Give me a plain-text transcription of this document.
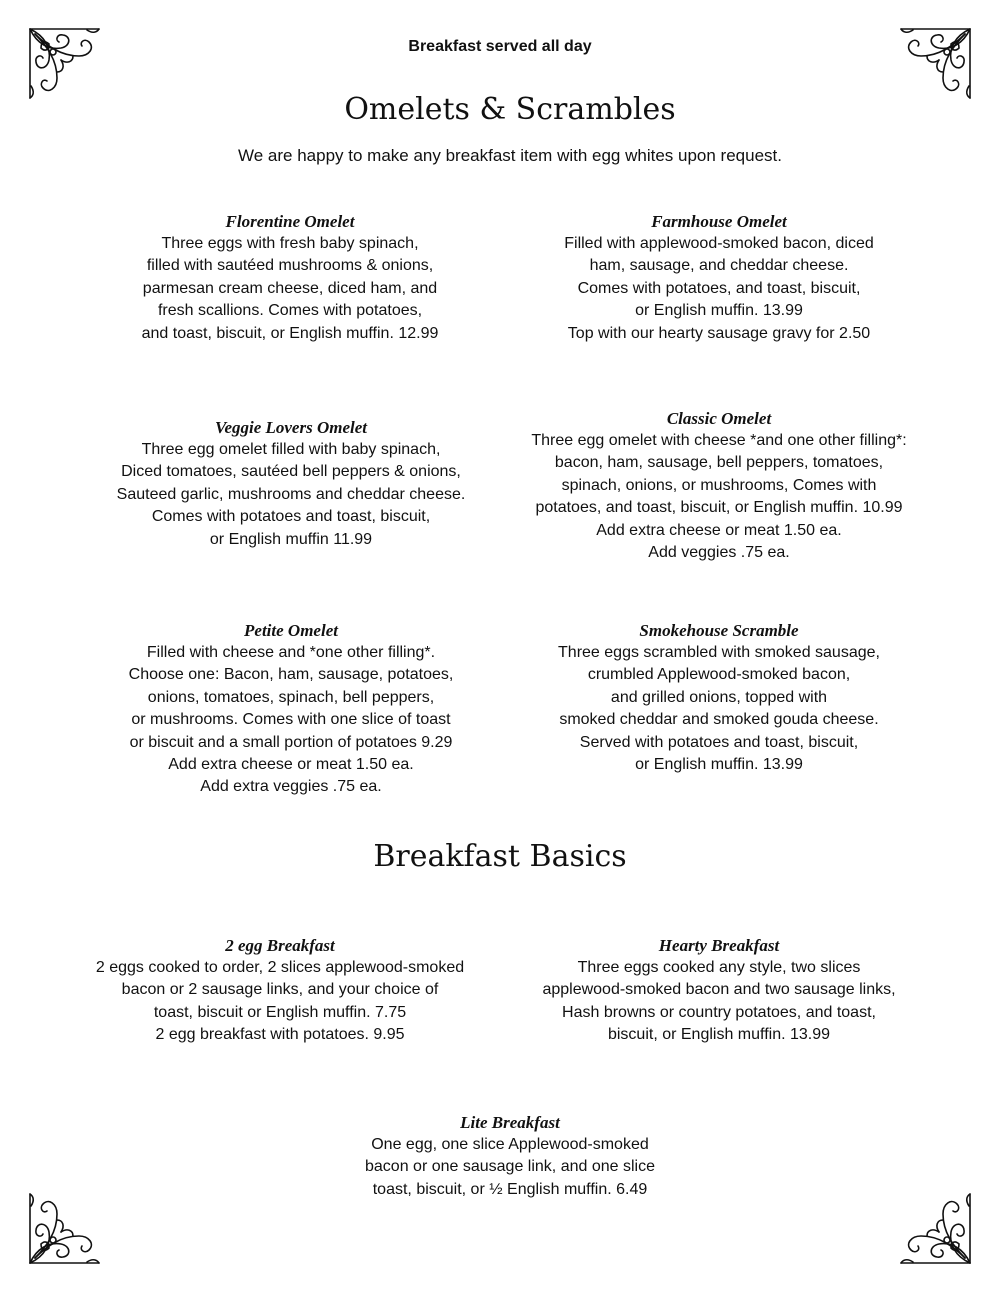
Breakfast served all day
Omelets & Scrambles
We are happy to make any breakfast item with egg whites upon request.
Florentine Omelet
Three eggs with fresh baby spinach,
filled with sautéed mushrooms & onions,
parmesan cream cheese, diced ham, and
fresh scallions. Comes with potatoes,
and toast, biscuit, or English muffin. 12.99
Farmhouse Omelet
Filled with applewood-smoked bacon, diced
ham, sausage, and cheddar cheese.
Comes with potatoes, and toast, biscuit,
or English muffin. 13.99
Top with our hearty sausage gravy for 2.50
Veggie Lovers Omelet
Three egg omelet filled with baby spinach,
Diced tomatoes, sautéed bell peppers & onions,
Sauteed garlic, mushrooms and cheddar cheese.
Comes with potatoes and toast, biscuit,
or English muffin 11.99
Classic Omelet
Three egg omelet with cheese *and one other filling*:
bacon, ham, sausage, bell peppers, tomatoes,
spinach, onions, or mushrooms, Comes with
potatoes, and toast, biscuit, or English muffin. 10.99
Add extra cheese or meat 1.50 ea.
Add veggies .75 ea.
Petite Omelet
Filled with cheese and *one other filling*.
Choose one: Bacon, ham, sausage, potatoes,
onions, tomatoes, spinach, bell peppers,
or mushrooms. Comes with one slice of toast
or biscuit and a small portion of potatoes 9.29
Add extra cheese or meat 1.50 ea.
Add extra veggies .75 ea.
Smokehouse Scramble
Three eggs scrambled with smoked sausage,
crumbled Applewood-smoked bacon,
and grilled onions, topped with
smoked cheddar and smoked gouda cheese.
Served with potatoes and toast, biscuit,
or English muffin. 13.99
Breakfast Basics
2 egg Breakfast
2 eggs cooked to order, 2 slices applewood-smoked
bacon or 2 sausage links, and your choice of
toast, biscuit or English muffin. 7.75
2 egg breakfast with potatoes. 9.95
Hearty Breakfast
Three eggs cooked any style, two slices
applewood-smoked bacon and two sausage links,
Hash browns or country potatoes, and toast,
biscuit, or English muffin. 13.99
Lite Breakfast
One egg, one slice Applewood-smoked
bacon or one sausage link, and one slice
toast, biscuit, or ½ English muffin. 6.49
